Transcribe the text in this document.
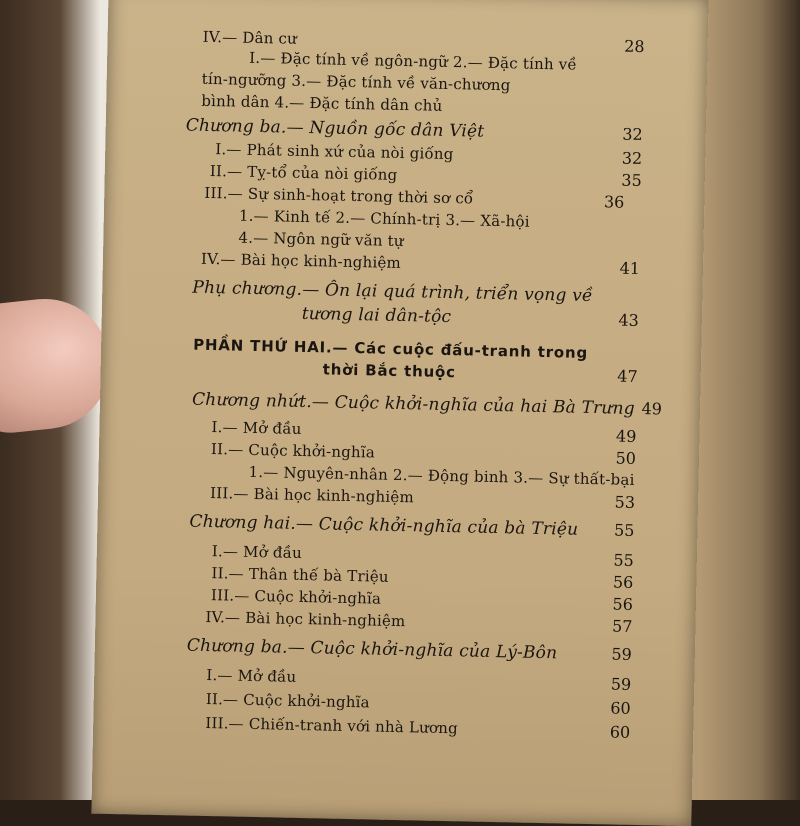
IV.— Dân cư	28
I.— Đặc tính về ngôn-ngữ 2.— Đặc tính về
tín-ngưỡng 3.— Đặc tính về văn-chương
bình dân 4.— Đặc tính dân chủ
Chương ba.— Nguồn gốc dân Việt	32
I.— Phát sinh xứ của nòi giống	32
II.— Tỵ-tổ của nòi giống	35
III.— Sự sinh-hoạt trong thời sơ cổ	36
1.— Kinh tế 2.— Chính-trị 3.— Xã-hội
4.— Ngôn ngữ văn tự
IV.— Bài học kinh-nghiệm	41
Phụ chương.— Ôn lại quá trình, triển vọng về
tương lai dân-tộc	43
PHẦN THỨ HAI.— Các cuộc đấu-tranh trong
thời Bắc thuộc	47
Chương nhứt.— Cuộc khởi-nghĩa của hai Bà Trưng 49
I.— Mở đầu	49
II.— Cuộc khởi-nghĩa	50
1.— Nguyên-nhân 2.— Động binh 3.— Sự thất-bại
III.— Bài học kinh-nghiệm	53
Chương hai.— Cuộc khởi-nghĩa của bà Triệu	55
I.— Mở đầu	55
II.— Thân thế bà Triệu	56
III.— Cuộc khởi-nghĩa	56
IV.— Bài học kinh-nghiệm	57
Chương ba.— Cuộc khởi-nghĩa của Lý-Bôn	59
I.— Mở đầu	59
II.— Cuộc khởi-nghĩa	60
III.— Chiến-tranh với nhà Lương	60
